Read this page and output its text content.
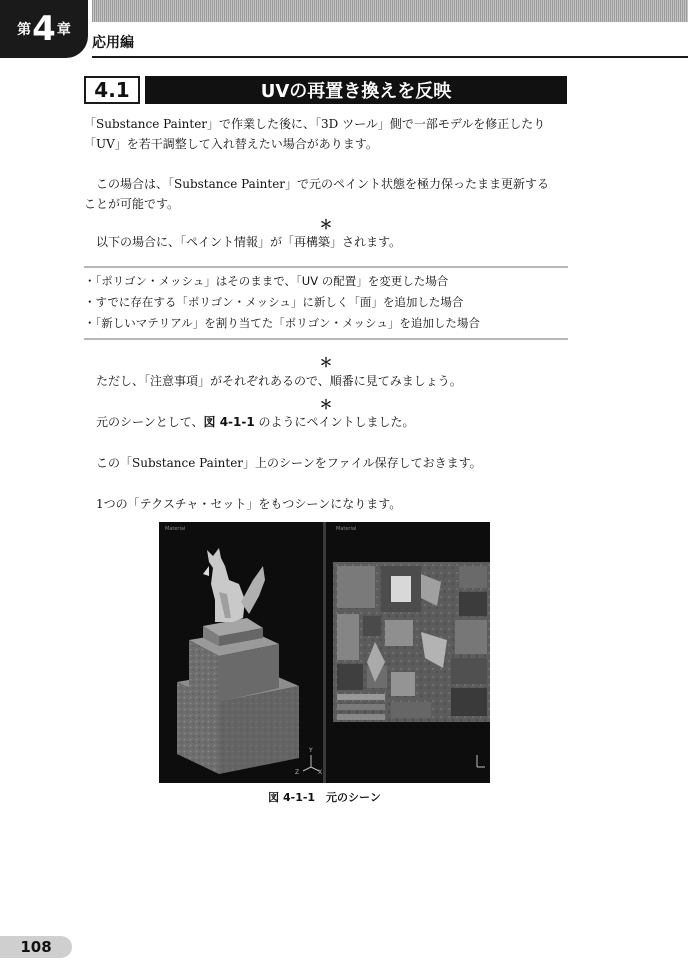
第 4 章
応用編
4.1	UVの再置き換えを反映

「Substance Painter」で作業した後に、「3D ツール」側で一部モデルを修正したり
「UV」を若干調整して入れ替えたい場合があります。

この場合は、「Substance Painter」で元のペイント状態を極力保ったまま更新する
ことが可能です。

＊

以下の場合に、「ペイント情報」が「再構築」されます。

・「ポリゴン・メッシュ」はそのままで、「UV の配置」を変更した場合
・すでに存在する「ポリゴン・メッシュ」に新しく「面」を追加した場合
・「新しいマテリアル」を割り当てた「ポリゴン・メッシュ」を追加した場合
＊

ただし、「注意事項」がそれぞれあるので、順番に見てみましょう。

＊

元のシーンとして、図 4-1-1 のようにペイントしました。

この「Substance Painter」上のシーンをファイル保存しておきます。

1つの「テクスチャ・セット」をもつシーンになります。

Material
Y
Z	X
Material
図 4-1-1　元のシーン
108
